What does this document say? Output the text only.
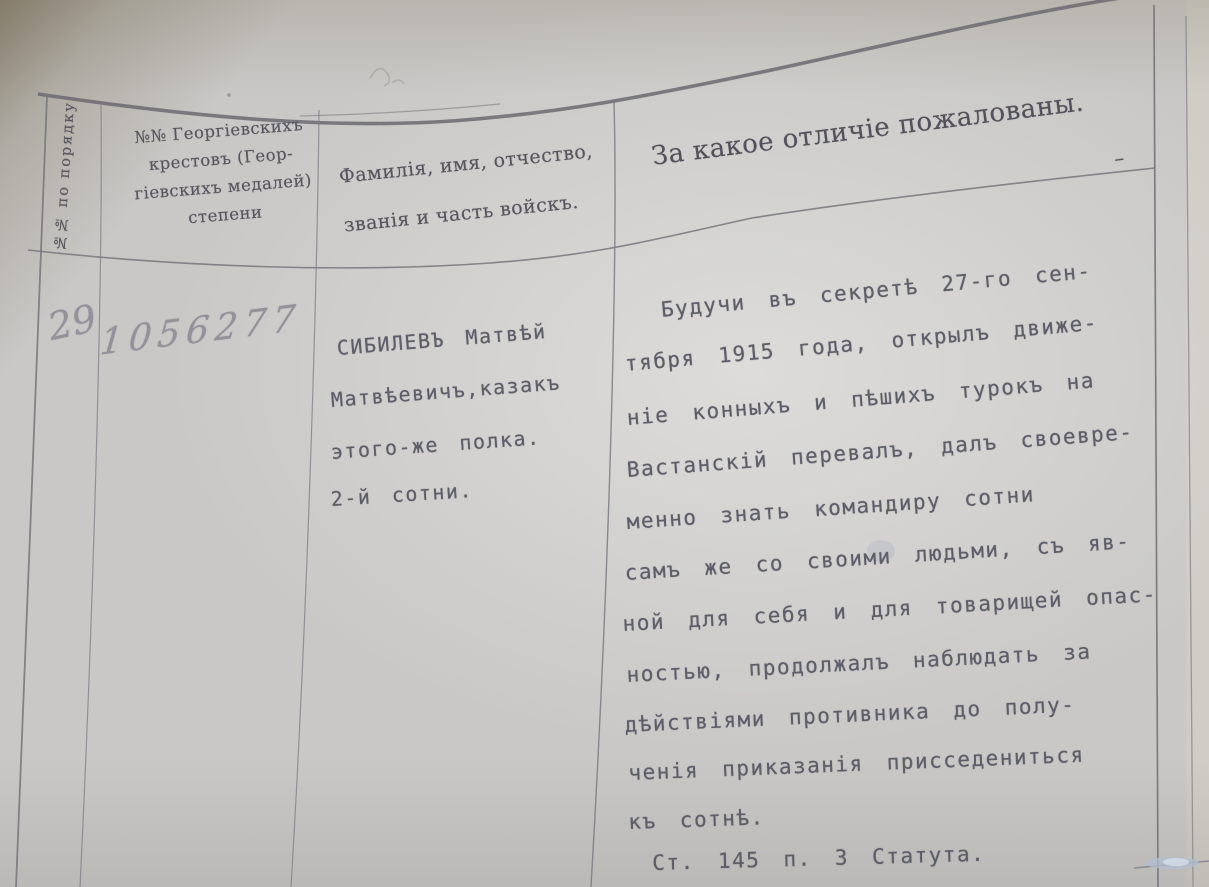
№№ по порядку	№№ Георгіевскихъ
крестовъ (Геор-
гіевскихъ медалей)
степени
Фамилія, имя, отчество,
званія и часть войскъ.
За какое отличіе пожалованы. –
29
1056277 СИБИЛЕВЪ Матвѣй
Матвѣевичъ,казакъ
этого-же полка.
2-й сотни.
Будучи въ секретѣ 27-го сен-
тября 1915 года, открылъ движе-
ніе конныхъ и пѣшихъ турокъ на
Вастанскій перевалъ, далъ своевре-
менно знать командиру сотни
самъ же со своими людьми, съ яв-
ной для себя и для товарищей опас-
ностью, продолжалъ наблюдать за
дѣйствіями противника до полу-
ченія приказанія присседениться
къ сотнѣ.
Ст. 145 п. 3 Статута.
